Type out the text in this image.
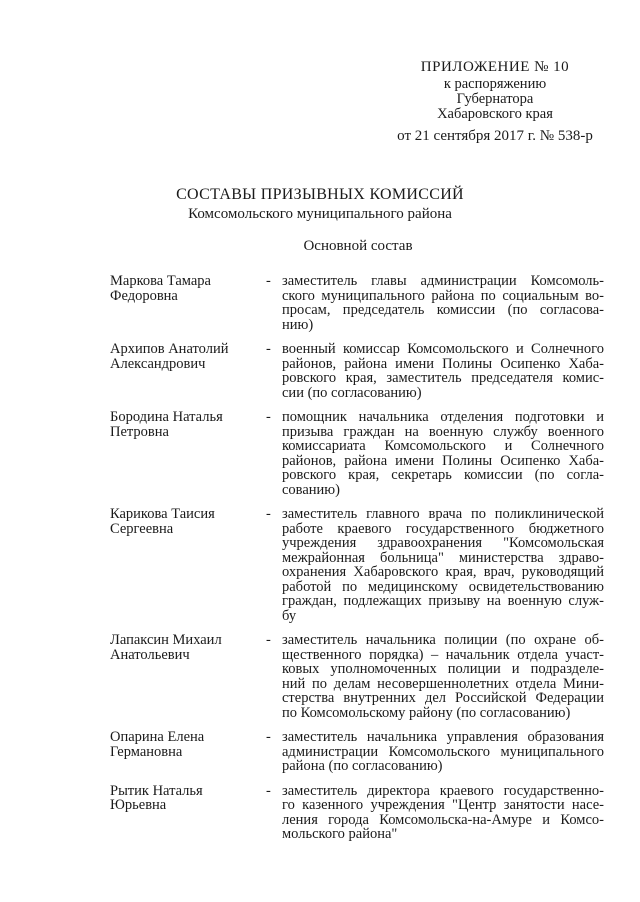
ПРИЛОЖЕНИЕ № 10
к распоряжению
Губернатора
Хабаровского края
от 21 сентября 2017 г. № 538-р
СОСТАВЫ ПРИЗЫВНЫХ КОМИССИЙ
Комсомольского муниципального района
Основной состав
Маркова Тамара
Федоровна
- заместитель главы администрации Комсомоль-
ского муниципального района по социальным во-
просам, председатель комиссии (по согласова-
нию)
Архипов Анатолий
Александрович
- военный комиссар Комсомольского и Солнечного
районов, района имени Полины Осипенко Хаба-
ровского края, заместитель председателя комис-
сии (по согласованию)
Бородина Наталья
Петровна
- помощник начальника отделения подготовки и
призыва граждан на военную службу военного
комиссариата Комсомольского и Солнечного
районов, района имени Полины Осипенко Хаба-
ровского края, секретарь комиссии (по согла-
сованию)
Карикова Таисия
Сергеевна
- заместитель главного врача по поликлинической
работе краевого государственного бюджетного
учреждения здравоохранения "Комсомольская
межрайонная больница" министерства здраво-
охранения Хабаровского края, врач, руководящий
работой по медицинскому освидетельствованию
граждан, подлежащих призыву на военную служ-
бу
Лапаксин Михаил
Анатольевич
- заместитель начальника полиции (по охране об-
щественного порядка) – начальник отдела участ-
ковых уполномоченных полиции и подразделе-
ний по делам несовершеннолетних отдела Мини-
стерства внутренних дел Российской Федерации
по Комсомольскому району (по согласованию)
Опарина Елена
Германовна
- заместитель начальника управления образования
администрации Комсомольского муниципального
района (по согласованию)
Рытик Наталья
Юрьевна
- заместитель директора краевого государственно-
го казенного учреждения "Центр занятости насе-
ления города Комсомольска-на-Амуре и Комсо-
мольского района"
